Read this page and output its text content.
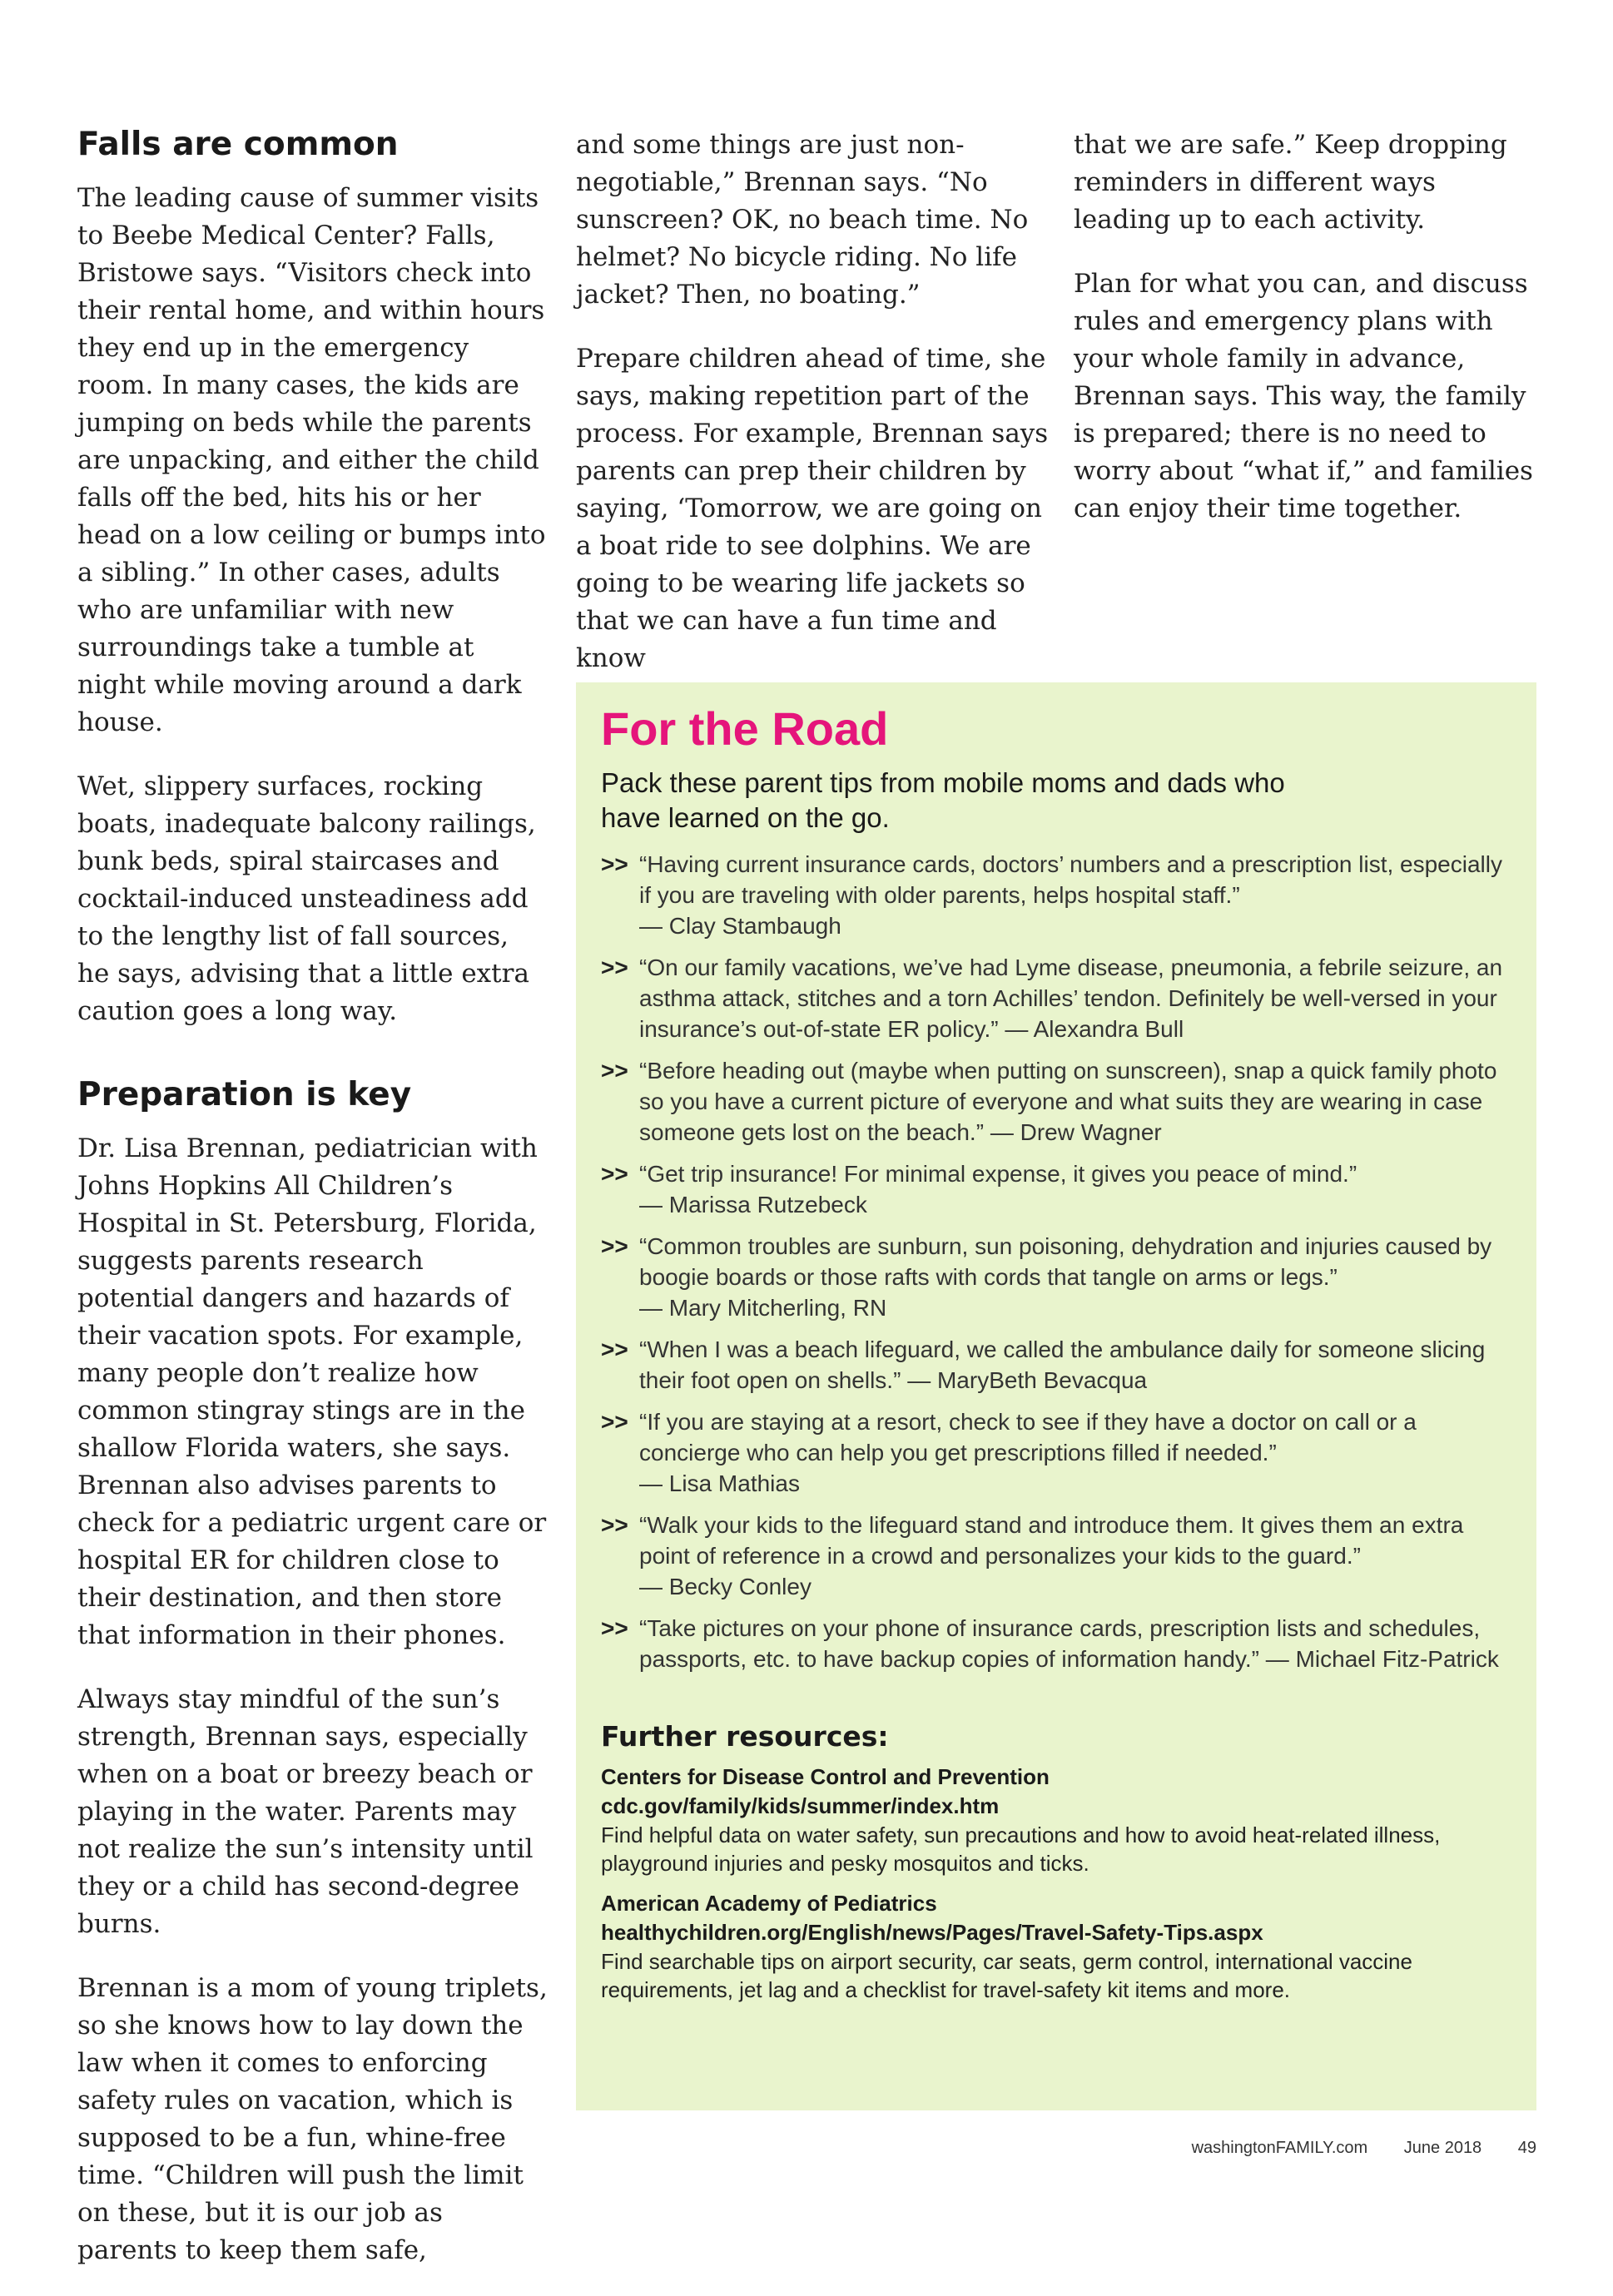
Falls are common

The leading cause of summer visits to Beebe Medical Center? Falls, Bristowe says. “Visitors check into their rental home, and within hours they end up in the emergency room. In many cases, the kids are jumping on beds while the parents are unpacking, and either the child falls off the bed, hits his or her head on a low ceiling or bumps into a sibling.” In other cases, adults who are unfamiliar with new surroundings take a tumble at night while moving around a dark house.

Wet, slippery surfaces, rocking boats, inadequate balcony railings, bunk beds, spiral staircases and cocktail-induced unsteadiness add to the lengthy list of fall sources, he says, advising that a little extra caution goes a long way.

Preparation is key

Dr. Lisa Brennan, pediatrician with Johns Hopkins All Children’s Hospital in St. Petersburg, Florida, suggests parents research potential dangers and hazards of their vacation spots. For example, many people don’t realize how common stingray stings are in the shallow Florida waters, she says. Brennan also advises parents to check for a pediatric urgent care or hospital ER for children close to their destination, and then store that information in their phones.

Always stay mindful of the sun’s strength, Brennan says, especially when on a boat or breezy beach or playing in the water. Parents may not realize the sun’s intensity until they or a child has second-degree burns.

Brennan is a mom of young triplets, so she knows how to lay down the law when it comes to enforcing safety rules on vacation, which is supposed to be a fun, whine-free time. “Children will push the limit on these, but it is our job as parents to keep them safe,

and some things are just non-negotiable,” Brennan says. “No sunscreen? OK, no beach time. No helmet? No bicycle riding. No life jacket? Then, no boating.”

Prepare children ahead of time, she says, making repetition part of the process. For example, Brennan says parents can prep their children by saying, ‘Tomorrow, we are going on a boat ride to see dolphins. We are going to be wearing life jackets so that we can have a fun time and know

that we are safe.” Keep dropping reminders in different ways leading up to each activity.

Plan for what you can, and discuss rules and emergency plans with your whole family in advance, Brennan says. This way, the family is prepared; there is no need to worry about “what if,” and families can enjoy their time together.

For the Road
Pack these parent tips from mobile moms and dads who have learned on the go.
>> “Having current insurance cards, doctors’ numbers and a prescription list, especially if you are traveling with older parents, helps hospital staff.”
— Clay Stambaugh
>> “On our family vacations, we’ve had Lyme disease, pneumonia, a febrile seizure, an asthma attack, stitches and a torn Achilles’ tendon. Definitely be well-versed in your insurance’s out-of-state ER policy.” — Alexandra Bull
>> “Before heading out (maybe when putting on sunscreen), snap a quick family photo so you have a current picture of everyone and what suits they are wearing in case someone gets lost on the beach.” — Drew Wagner
>> “Get trip insurance! For minimal expense, it gives you peace of mind.”
— Marissa Rutzebeck
>> “Common troubles are sunburn, sun poisoning, dehydration and injuries caused by boogie boards or those rafts with cords that tangle on arms or legs.”
— Mary Mitcherling, RN
>> “When I was a beach lifeguard, we called the ambulance daily for someone slicing their foot open on shells.” — MaryBeth Bevacqua
>> “If you are staying at a resort, check to see if they have a doctor on call or a concierge who can help you get prescriptions filled if needed.”
— Lisa Mathias
>> “Walk your kids to the lifeguard stand and introduce them. It gives them an extra point of reference in a crowd and personalizes your kids to the guard.”
— Becky Conley
>> “Take pictures on your phone of insurance cards, prescription lists and schedules, passports, etc. to have backup copies of information handy.” — Michael Fitz-Patrick
Further resources:
Centers for Disease Control and Prevention
cdc.gov/family/kids/summer/index.htm
Find helpful data on water safety, sun precautions and how to avoid heat-related illness, playground injuries and pesky mosquitos and ticks.
American Academy of Pediatrics
healthychildren.org/English/news/Pages/Travel-Safety-Tips.aspx
Find searchable tips on airport security, car seats, germ control, international vaccine requirements, jet lag and a checklist for travel-safety kit items and more.
washingtonFAMILY.com June 2018 49
